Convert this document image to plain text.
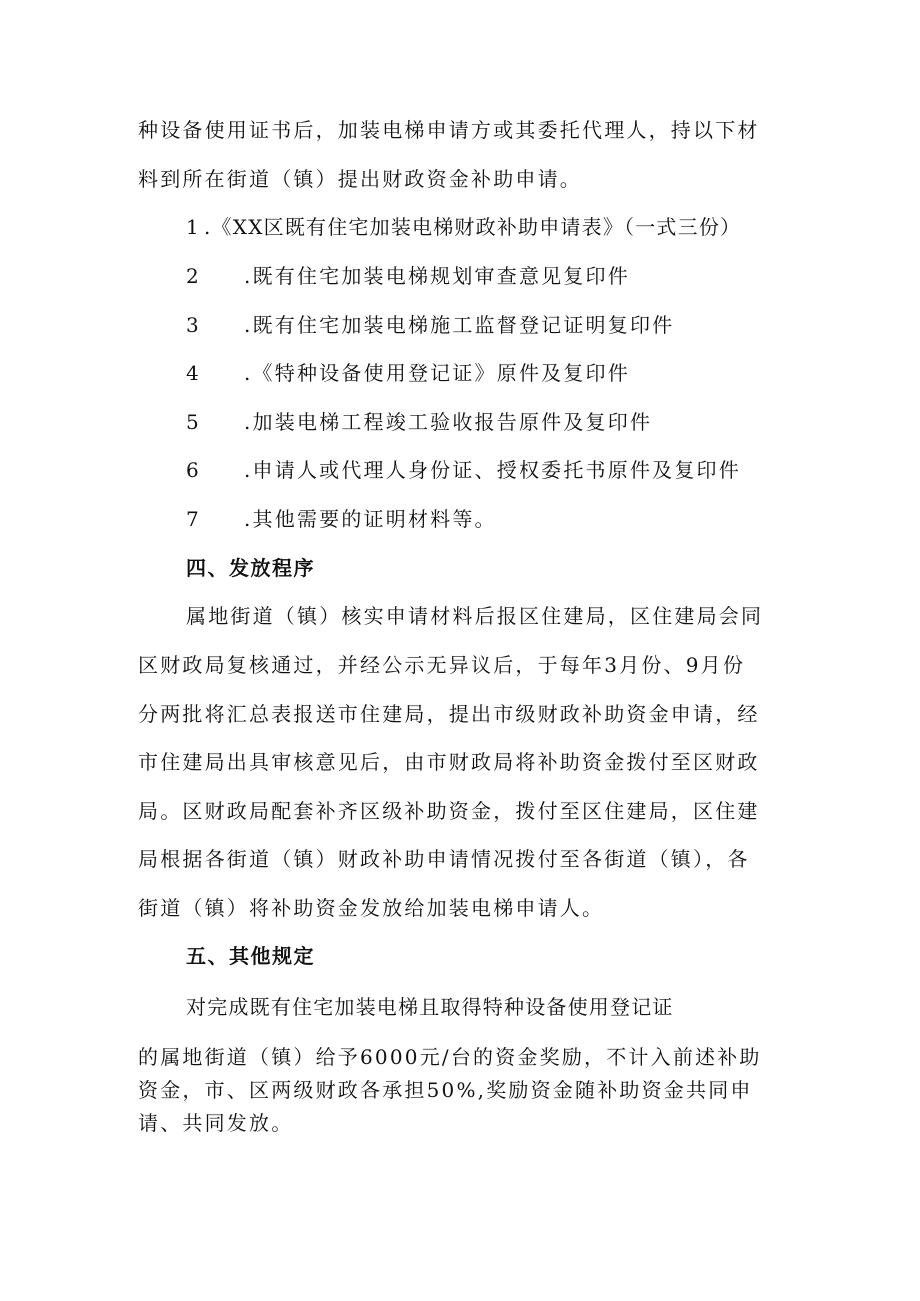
种设备使用证书后，加装电梯申请方或其委托代理人，持以下材
料到所在街道（镇）提出财政资金补助申请。
1 .《XX区既有住宅加装电梯财政补助申请表》（一式三份）
2 .既有住宅加装电梯规划审查意见复印件
3 .既有住宅加装电梯施工监督登记证明复印件
4 .《特种设备使用登记证》原件及复印件
5 .加装电梯工程竣工验收报告原件及复印件
6 .申请人或代理人身份证、授权委托书原件及复印件
7 .其他需要的证明材料等。
四、发放程序
属地街道（镇）核实申请材料后报区住建局，区住建局会同
区财政局复核通过，并经公示无异议后，于每年3月份、9月份
分两批将汇总表报送市住建局，提出市级财政补助资金申请，经
市住建局出具审核意见后，由市财政局将补助资金拨付至区财政
局。区财政局配套补齐区级补助资金，拨付至区住建局，区住建
局根据各街道（镇）财政补助申请情况拨付至各街道（镇），各
街道（镇）将补助资金发放给加装电梯申请人。
五、其他规定
对完成既有住宅加装电梯且取得特种设备使用登记证
的属地街道（镇）给予6000元/台的资金奖励，不计入前述补助
资金，市、区两级财政各承担50%,奖励资金随补助资金共同申
请、共同发放。
